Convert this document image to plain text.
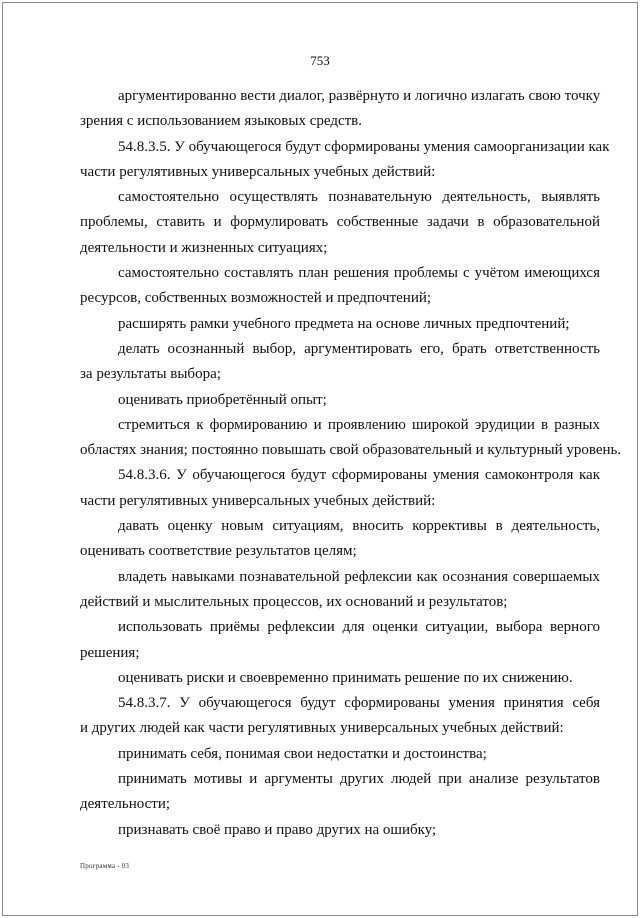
753
аргументированно вести диалог, развёрнуто и логично излагать свою точку
зрения с использованием языковых средств.
54.8.3.5. У обучающегося будут сформированы умения самоорганизации как
части регулятивных универсальных учебных действий:
самостоятельно осуществлять познавательную деятельность, выявлять
проблемы, ставить и формулировать собственные задачи в образовательной
деятельности и жизненных ситуациях;
самостоятельно составлять план решения проблемы с учётом имеющихся
ресурсов, собственных возможностей и предпочтений;
расширять рамки учебного предмета на основе личных предпочтений;
делать осознанный выбор, аргументировать его, брать ответственность
за результаты выбора;
оценивать приобретённый опыт;
стремиться к формированию и проявлению широкой эрудиции в разных
областях знания; постоянно повышать свой образовательный и культурный уровень.
54.8.3.6. У обучающегося будут сформированы умения самоконтроля как
части регулятивных универсальных учебных действий:
давать оценку новым ситуациям, вносить коррективы в деятельность,
оценивать соответствие результатов целям;
владеть навыками познавательной рефлексии как осознания совершаемых
действий и мыслительных процессов, их оснований и результатов;
использовать приёмы рефлексии для оценки ситуации, выбора верного
решения;
оценивать риски и своевременно принимать решение по их снижению.
54.8.3.7. У обучающегося будут сформированы умения принятия себя
и других людей как части регулятивных универсальных учебных действий:
принимать себя, понимая свои недостатки и достоинства;
принимать мотивы и аргументы других людей при анализе результатов
деятельности;
признавать своё право и право других на ошибку;
Программа - 03
